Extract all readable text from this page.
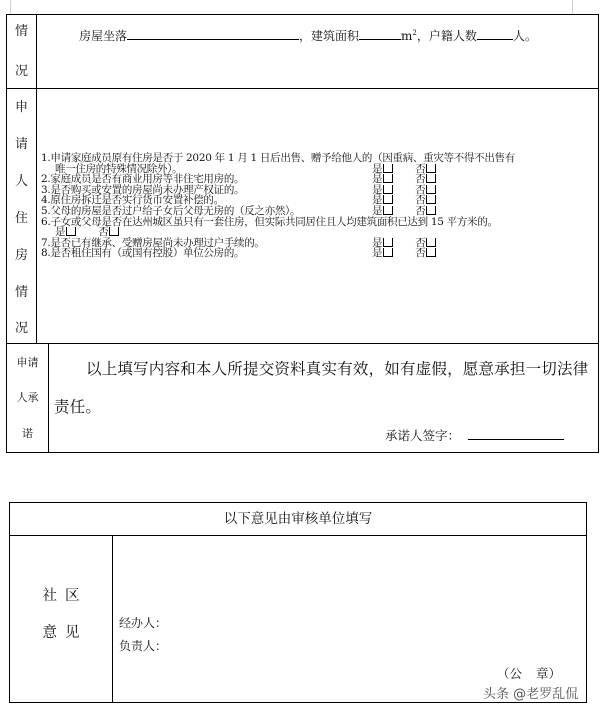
情
况
房屋坐落	，建筑面积	$m^2$，户籍人数	人。
申
请
人
住
房
情
况
1.申请家庭成员原有住房是否于 2020 年 1 月 1 日后出售、赠予给他人的（因重病、重灾等不得不出售有
唯一住房的特殊情况除外）。	是	否
2.家庭成员是否有商业用房等非住宅用房的。	是	否
3.是否购买或安置的房屋尚未办理产权证的。	是	否
4.原住房拆迁是否实行货币安置补偿的。	是	否
5.父母的房屋是否过户给子女后父母无房的（反之亦然）。	是	否
6.子女或父母是否在达州城区虽只有一套住房，但实际共同居住且人均建筑面积已达到 15 平方米的。
是	否
7.是否已有继承、受赠房屋尚未办理过户手续的。	是	否
8.是否租住国有（或国有控股）单位公房的。	是	否
申请
人承
诺
以上填写内容和本人所提交资料真实有效，如有虚假，愿意承担一切法律责任。
承诺人签字：
以下意见由审核单位填写
社区
意见
经办人：
负责人：
（公 章）
头条 @老罗乱侃
